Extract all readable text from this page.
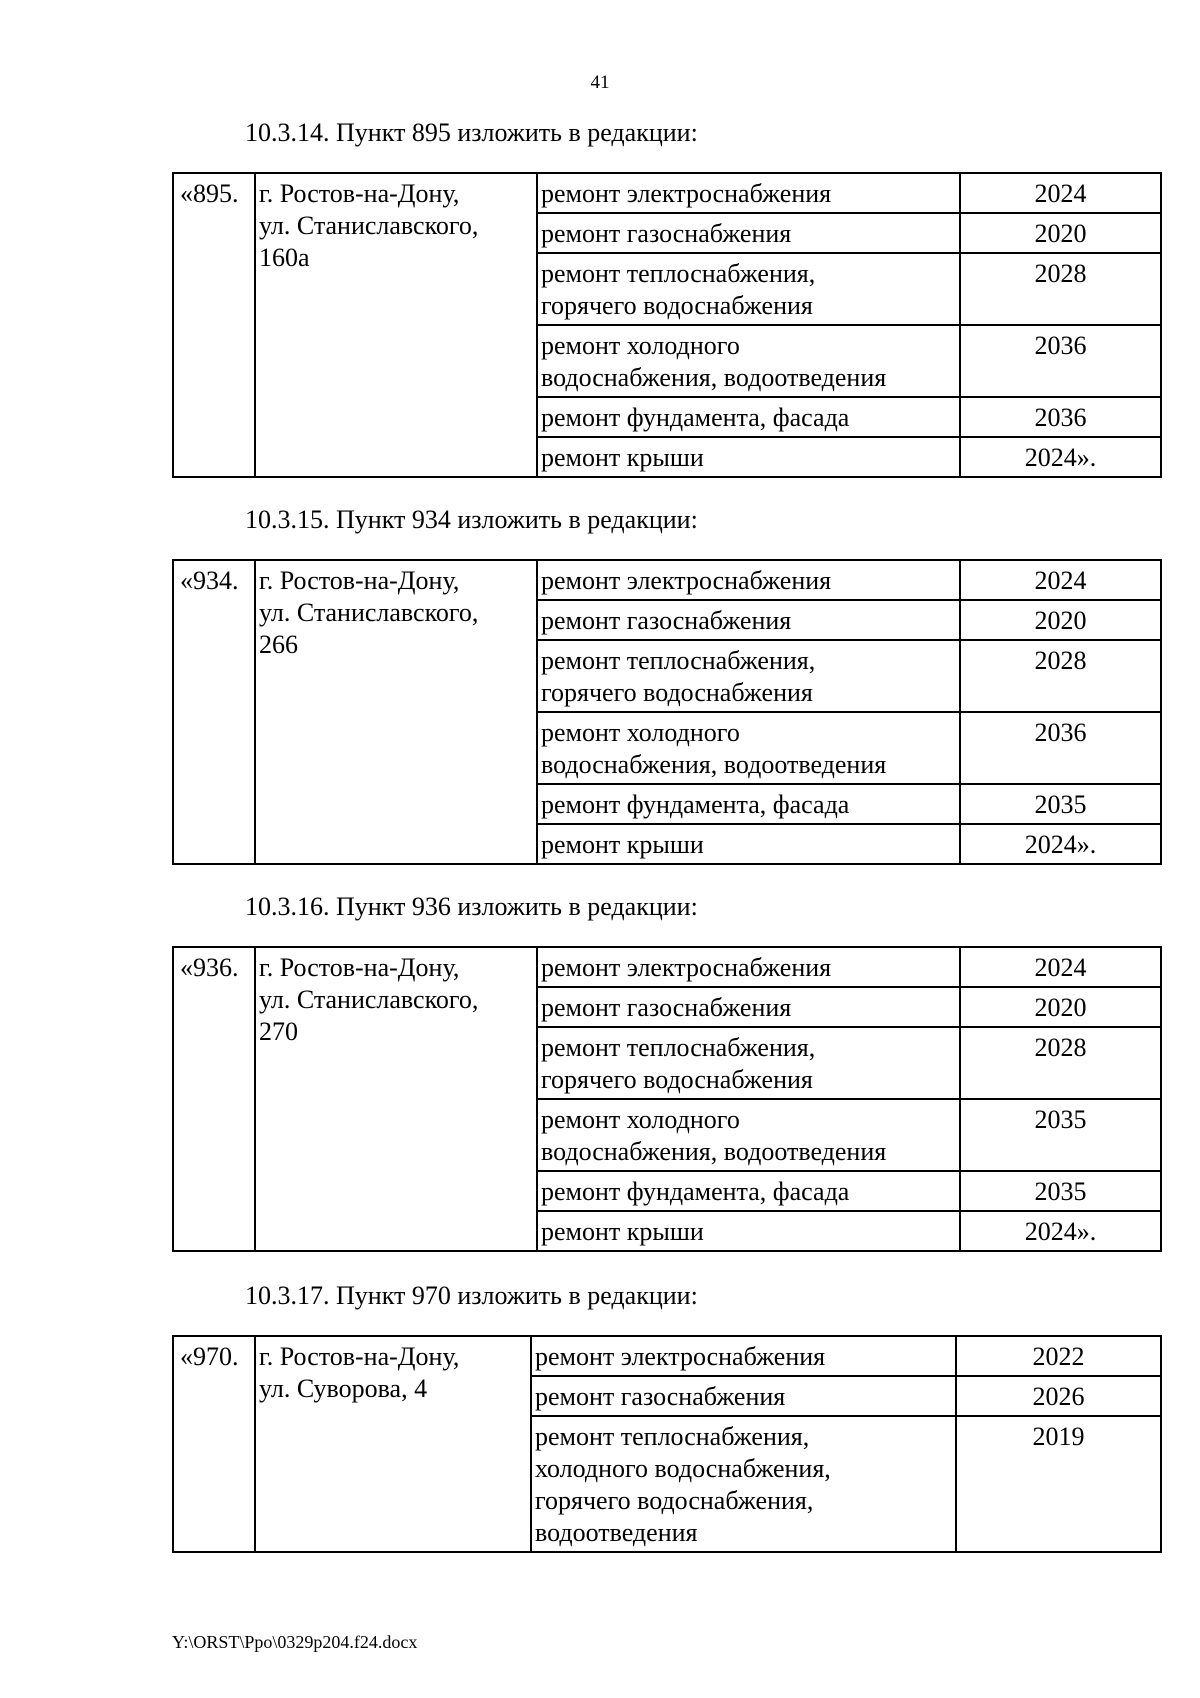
41
10.3.14. Пункт 895 изложить в редакции:
«895.	г. Ростов-на-Дону,
ул. Станиславского,
160а	ремонт электроснабжения	2024

		ремонт газоснабжения	2020

		ремонт теплоснабжения,
горячего водоснабжения	2028

		ремонт холодного
водоснабжения, водоотведения	2036

		ремонт фундамента, фасада	2036

		ремонт крыши	2024».
10.3.15. Пункт 934 изложить в редакции:
«934.	г. Ростов-на-Дону,
ул. Станиславского,
266	ремонт электроснабжения	2024

		ремонт газоснабжения	2020

		ремонт теплоснабжения,
горячего водоснабжения	2028

		ремонт холодного
водоснабжения, водоотведения	2036

		ремонт фундамента, фасада	2035

		ремонт крыши	2024».
10.3.16. Пункт 936 изложить в редакции:
«936.	г. Ростов-на-Дону,
ул. Станиславского,
270	ремонт электроснабжения	2024

		ремонт газоснабжения	2020

		ремонт теплоснабжения,
горячего водоснабжения	2028

		ремонт холодного
водоснабжения, водоотведения	2035

		ремонт фундамента, фасада	2035

		ремонт крыши	2024».
10.3.17. Пункт 970 изложить в редакции:
«970.	г. Ростов-на-Дону,
ул. Суворова, 4	ремонт электроснабжения	2022

		ремонт газоснабжения	2026

		ремонт теплоснабжения,
холодного водоснабжения,
горячего водоснабжения,
водоотведения	2019
Y:\ORST\Ppo\0329p204.f24.docx
